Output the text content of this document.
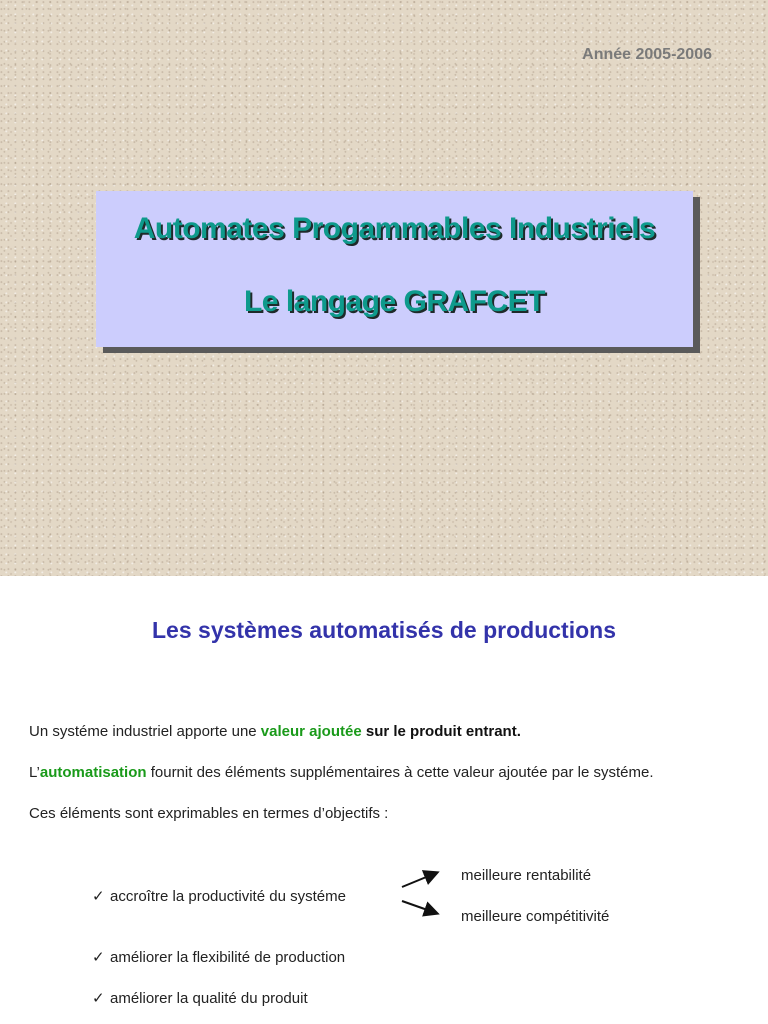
Année 2005-2006
Automates Progammables Industriels
Le langage GRAFCET
Les systèmes automatisés de productions
Un systéme industriel apporte une valeur ajoutée sur le produit entrant.
L’automatisation fournit des éléments supplémentaires à cette valeur ajoutée par le systéme.
Ces éléments sont exprimables en termes d’objectifs :
✓ accroître la productivité du systéme
✓ améliorer la flexibilité de production
✓ améliorer la qualité du produit
meilleure rentabilité
meilleure compétitivité
